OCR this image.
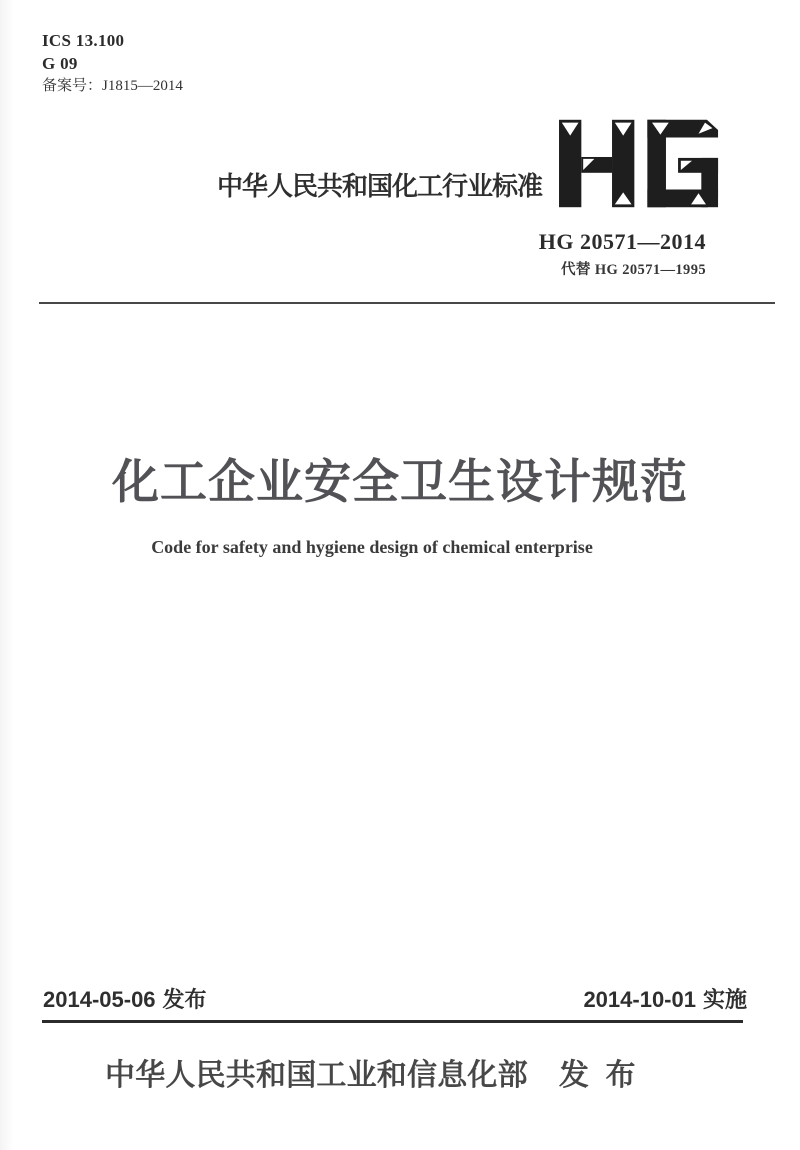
ICS 13.100
G 09
备案号：J1815—2014
中华人民共和国化工行业标准
HG 20571—2014
代替 HG 20571—1995
化工企业安全卫生设计规范
Code for safety and hygiene design of chemical enterprise
2014-05-06 发布	2014-10-01 实施
中华人民共和国工业和信息化部 发 布
